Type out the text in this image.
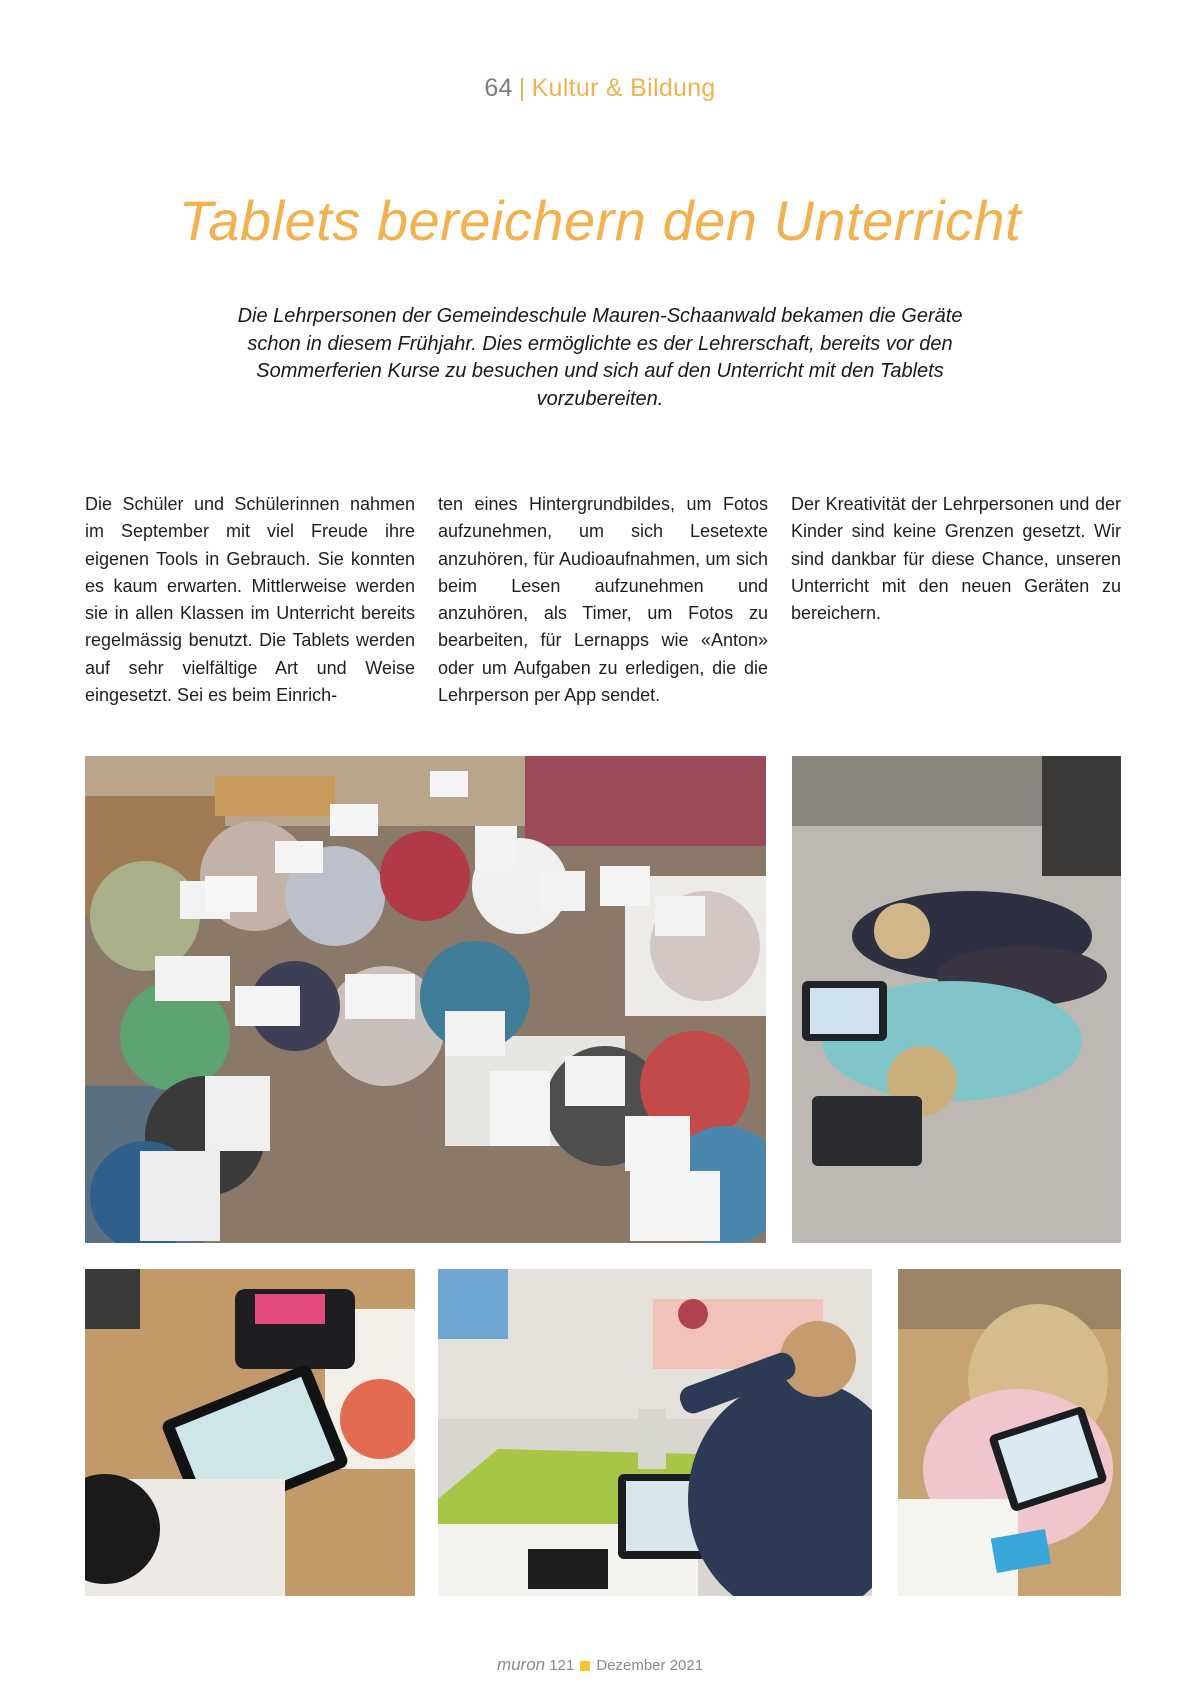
64 | Kultur & Bildung
Tablets bereichern den Unterricht
Die Lehrpersonen der Gemeindeschule Mauren-Schaanwald bekamen die Geräte schon in diesem Frühjahr. Dies ermöglichte es der Lehrerschaft, bereits vor den Sommerferien Kurse zu besuchen und sich auf den Unterricht mit den Tablets vorzubereiten.
Die Schüler und Schülerinnen nahmen im September mit viel Freude ihre eigenen Tools in Gebrauch. Sie konnten es kaum erwarten. Mittlerweise werden sie in allen Klassen im Unterricht bereits regelmässig benutzt. Die Tablets werden auf sehr vielfältige Art und Weise eingesetzt. Sei es beim Einrich-
ten eines Hintergrundbildes, um Fotos aufzunehmen, um sich Lesetexte anzuhören, für Audioaufnahmen, um sich beim Lesen aufzunehmen und anzuhören, als Timer, um Fotos zu bearbeiten, für Lernapps wie «Anton» oder um Aufgaben zu erledigen, die die Lehrperson per App sendet.
Der Kreativität der Lehrpersonen und der Kinder sind keine Grenzen gesetzt. Wir sind dankbar für diese Chance, unseren Unterricht mit den neuen Geräten zu bereichern.
muron 121 Dezember 2021
